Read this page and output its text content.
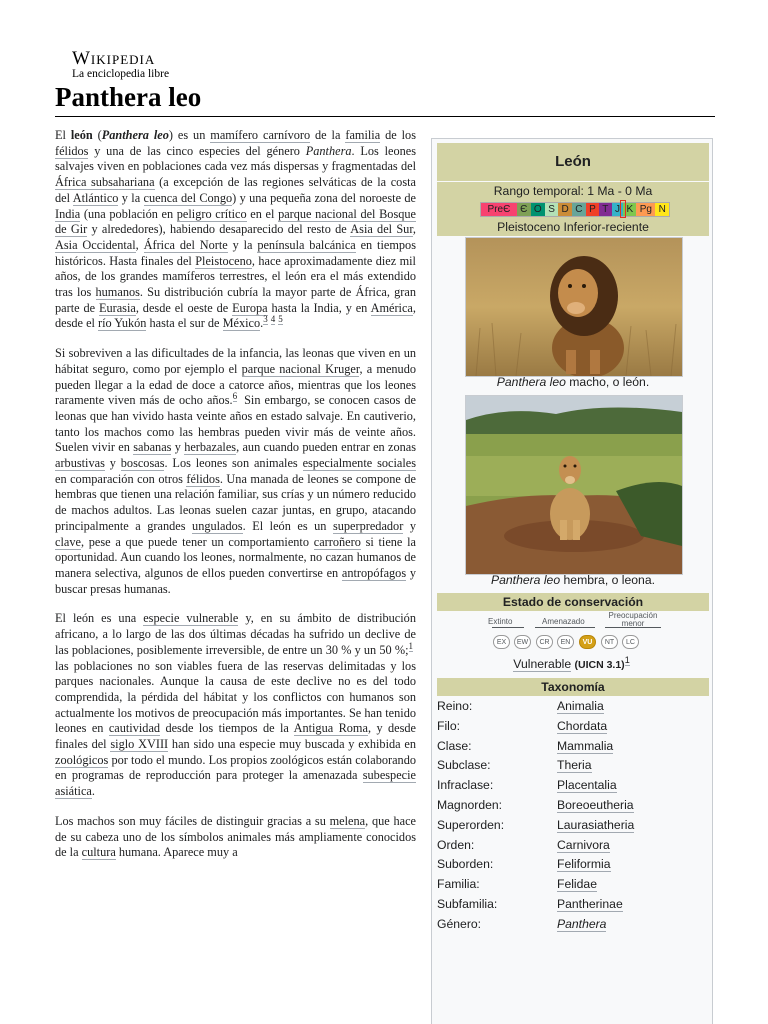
Wikipedia
La enciclopedia libre
Panthera leo

El león (Panthera leo) es un mamífero carnívoro de la familia de los félidos y una de las cinco especies del género Panthera. Los leones salvajes viven en poblaciones cada vez más dispersas y fragmentadas del África subsahariana (a excepción de las regiones selváticas de la costa del Atlántico y la cuenca del Congo) y una pequeña zona del noroeste de India (una población en peligro crítico en el parque nacional del Bosque de Gir y alrededores), habiendo desaparecido del resto de Asia del Sur, Asia Occidental, África del Norte y la península balcánica en tiempos históricos. Hasta finales del Pleistoceno, hace aproximadamente diez mil años, de los grandes mamíferos terrestres, el león era el más extendido tras los humanos. Su distribución cubría la mayor parte de África, gran parte de Eurasia, desde el oeste de Europa hasta la India, y en América, desde el río Yukón hasta el sur de México.$^{3 4 5}$

Si sobreviven a las dificultades de la infancia, las leonas que viven en un hábitat seguro, como por ejemplo el parque nacional Kruger, a menudo pueden llegar a la edad de doce a catorce años, mientras que los leones raramente viven más de ocho años.$^6$ Sin embargo, se conocen casos de leonas que han vivido hasta veinte años en estado salvaje. En cautiverio, tanto los machos como las hembras pueden vivir más de veinte años. Suelen vivir en sabanas y herbazales, aun cuando pueden entrar en zonas arbustivas y boscosas. Los leones son animales especialmente sociales en comparación con otros félidos. Una manada de leones se compone de hembras que tienen una relación familiar, sus crías y un número reducido de machos adultos. Las leonas suelen cazar juntas, en grupo, atacando principalmente a grandes ungulados. El león es un superpredador y clave, pese a que puede tener un comportamiento carroñero si tiene la oportunidad. Aun cuando los leones, normalmente, no cazan humanos de manera selectiva, algunos de ellos pueden convertirse en antropófagos y buscar presas humanas.

El león es una especie vulnerable y, en su ámbito de distribución africano, a lo largo de las dos últimas décadas ha sufrido un declive de las poblaciones, posiblemente irreversible, de entre un 30 % y un 50 %;$^1$ las poblaciones no son viables fuera de las reservas delimitadas y los parques nacionales. Aunque la causa de este declive no es del todo comprendida, la pérdida del hábitat y los conflictos con humanos son actualmente los motivos de preocupación más importantes. Se han tenido leones en cautividad desde los tiempos de la Antigua Roma, y desde finales del siglo XVIII han sido una especie muy buscada y exhibida en zoológicos por todo el mundo. Los propios zoológicos están colaborando en programas de reproducción para proteger la amenazada subespecie asiática.

Los machos son muy fáciles de distinguir gracias a su melena, que hace de su cabeza uno de los símbolos animales más ampliamente conocidos de la cultura humana. Aparece muy a

León
Rango temporal: 1 Ma - 0 Ma
PreЄ Є O S D C P T J K Pg N
Pleistoceno Inferior-reciente
Panthera leo macho, o león.
Panthera leo hembra, o leona.
Estado de conservación
Extinto	Amenazado
Preocupación menor
EX	EW	CR	EN	VU	NT	LC
Vulnerable (UICN 3.1)$^1$
Taxonomía
Reino:	Animalia
Filo:	Chordata
Clase:	Mammalia
Subclase:	Theria
Infraclase:	Placentalia
Magnorden:	Boreoeutheria
Superorden:	Laurasiatheria
Orden:	Carnivora
Suborden:	Feliformia
Familia:	Felidae
Subfamilia:	Pantherinae
Género:	Panthera
